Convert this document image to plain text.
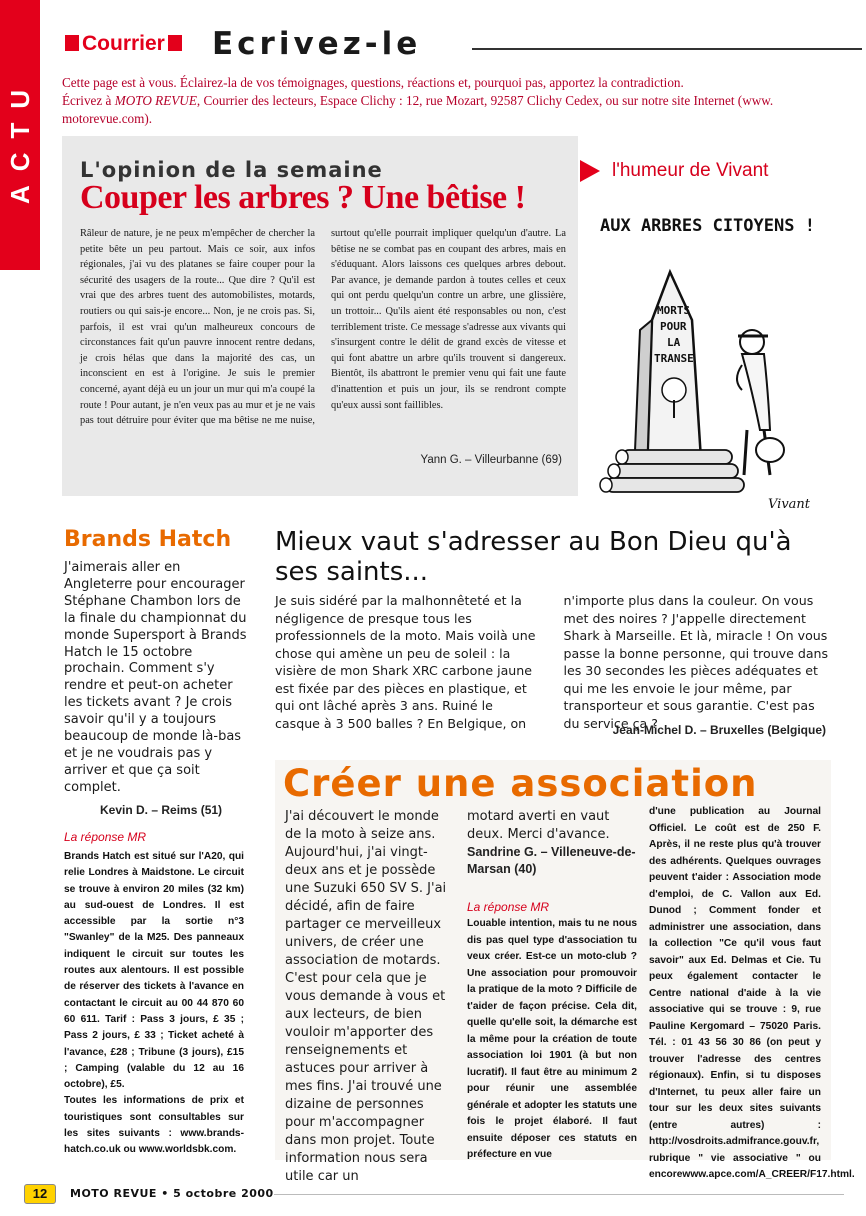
ACTU
Courrier	Ecrivez-le

Cette page est à vous. Éclairez-la de vos témoignages, questions, réactions et, pourquoi pas, apportez la contradiction.

Écrivez à MOTO REVUE, Courrier des lecteurs, Espace Clichy : 12, rue Mozart, 92587 Clichy Cedex, ou sur notre site Internet (www. motorevue.com).

L'opinion de la semaine
Couper les arbres ? Une bêtise !

Râleur de nature, je ne peux m'empêcher de chercher la petite bête un peu partout. Mais ce soir, aux infos régionales, j'ai vu des platanes se faire couper pour la sécurité des usagers de la route... Que dire ? Qu'il est vrai que des arbres tuent des automobilistes, motards, routiers ou qui sais-je encore... Non, je ne crois pas. Si, parfois, il est vrai qu'un malheureux concours de circonstances fait qu'un pauvre innocent rentre dedans, je crois hélas que dans la majorité des cas, un inconscient en est à l'origine. Je suis le premier concerné, ayant déjà eu un jour un mur qui m'a coupé la route ! Pour autant, je n'en veux pas au mur et je ne vais pas tout détruire pour éviter que ma bêtise ne me nuise, surtout qu'elle pourrait impliquer quelqu'un d'autre. La bêtise ne se combat pas en coupant des arbres, mais en s'éduquant. Alors laissons ces quelques arbres debout. Par avance, je demande pardon à toutes celles et ceux qui ont perdu quelqu'un contre un arbre, une glissière, un trottoir... Qu'ils aient été responsables ou non, c'est terriblement triste. Ce message s'adresse aux vivants qui s'insurgent contre le délit de grand excès de vitesse et qui font abattre un arbre qu'ils trouvent si dangereux. Bientôt, ils abattront le premier venu qui fait une faute d'inattention et puis un jour, ils se rendront compte qu'eux aussi sont faillibles.

Yann G. – Villeurbanne (69)
l'humeur de Vivant
AUX ARBRES CITOYENS !
MORTS
POUR
LA
TRANSE
Vivant
Brands Hatch

J'aimerais aller en Angleterre pour encourager Stéphane Chambon lors de la finale du championnat du monde Supersport à Brands Hatch le 15 octobre prochain. Comment s'y rendre et peut-on acheter les tickets avant ? Je crois savoir qu'il y a toujours beaucoup de monde là-bas et je ne voudrais pas y arriver et que ça soit complet.

Kevin D. – Reims (51)
La réponse MR

Brands Hatch est situé sur l'A20, qui relie Londres à Maidstone. Le circuit se trouve à environ 20 miles (32 km) au sud-ouest de Londres. Il est accessible par la sortie n°3 "Swanley" de la M25. Des panneaux indiquent le circuit sur toutes les routes aux alentours. Il est possible de réserver des tickets à l'avance en contactant le circuit au 00 44 870 60 60 611. Tarif : Pass 3 jours, £ 35 ; Pass 2 jours, £ 33 ; Ticket acheté à l'avance, £28 ; Tribune (3 jours), £15 ; Camping (valable du 12 au 16 octobre), £5.

Toutes les informations de prix et touristiques sont consultables sur les sites suivants : www.brands-hatch.co.uk ou www.worldsbk.com.

Mieux vaut s'adresser au Bon Dieu qu'à ses saints...

Je suis sidéré par la malhonnêteté et la négligence de presque tous les professionnels de la moto. Mais voilà une chose qui amène un peu de soleil : la visière de mon Shark XRC carbone jaune est fixée par des pièces en plastique, et qui ont lâché après 3 ans. Ruiné le casque à 3 500 balles ? En Belgique, on n'importe plus dans la couleur. On vous met des noires ? J'appelle directement Shark à Marseille. Et là, miracle ! On vous passe la bonne personne, qui trouve dans les 30 secondes les pièces adéquates et qui me les envoie le jour même, par transporteur et sous garantie. C'est pas du service ça ?

Jean-Michel D. – Bruxelles (Belgique)
Créer une association

J'ai découvert le monde de la moto à seize ans. Aujourd'hui, j'ai vingt-deux ans et je possède une Suzuki 650 SV S. J'ai décidé, afin de faire partager ce merveilleux univers, de créer une association de motards. C'est pour cela que je vous demande à vous et aux lecteurs, de bien vouloir m'apporter des renseignements et astuces pour arriver à mes fins. J'ai trouvé une dizaine de personnes pour m'accompagner dans mon projet. Toute information nous sera utile car un

motard averti en vaut deux. Merci d'avance.
Sandrine G. – Villeneuve-de-Marsan (40)
La réponse MR
Louable intention, mais tu ne nous dis pas quel type d'association tu veux créer. Est-ce un moto-club ? Une association pour promouvoir la pratique de la moto ? Difficile de t'aider de façon précise. Cela dit, quelle qu'elle soit, la démarche est la même pour la création de toute association loi 1901 (à but non lucratif). Il faut être au minimum 2 pour réunir une assemblée générale et adopter les statuts une fois le projet élaboré. Il faut ensuite déposer ces statuts en préfecture en vue
d'une publication au Journal Officiel. Le coût est de 250 F. Après, il ne reste plus qu'à trouver des adhérents. Quelques ouvrages peuvent t'aider : Association mode d'emploi, de C. Vallon aux Ed. Dunod ; Comment fonder et administrer une association, dans la collection "Ce qu'il vous faut savoir" aux Ed. Delmas et Cie. Tu peux également contacter le Centre national d'aide à la vie associative qui se trouve : 9, rue Pauline Kergomard – 75020 Paris. Tél. : 01 43 56 30 86 (on peut y trouver l'adresse des centres régionaux). Enfin, si tu disposes d'Internet, tu peux aller faire un tour sur les deux sites suivants (entre autres) : http://vosdroits.admifrance.gouv.fr, rubrique " vie associative " ou encorewww.apce.com/A_CREER/F17.html.
12	MOTO REVUE • 5 octobre 2000
